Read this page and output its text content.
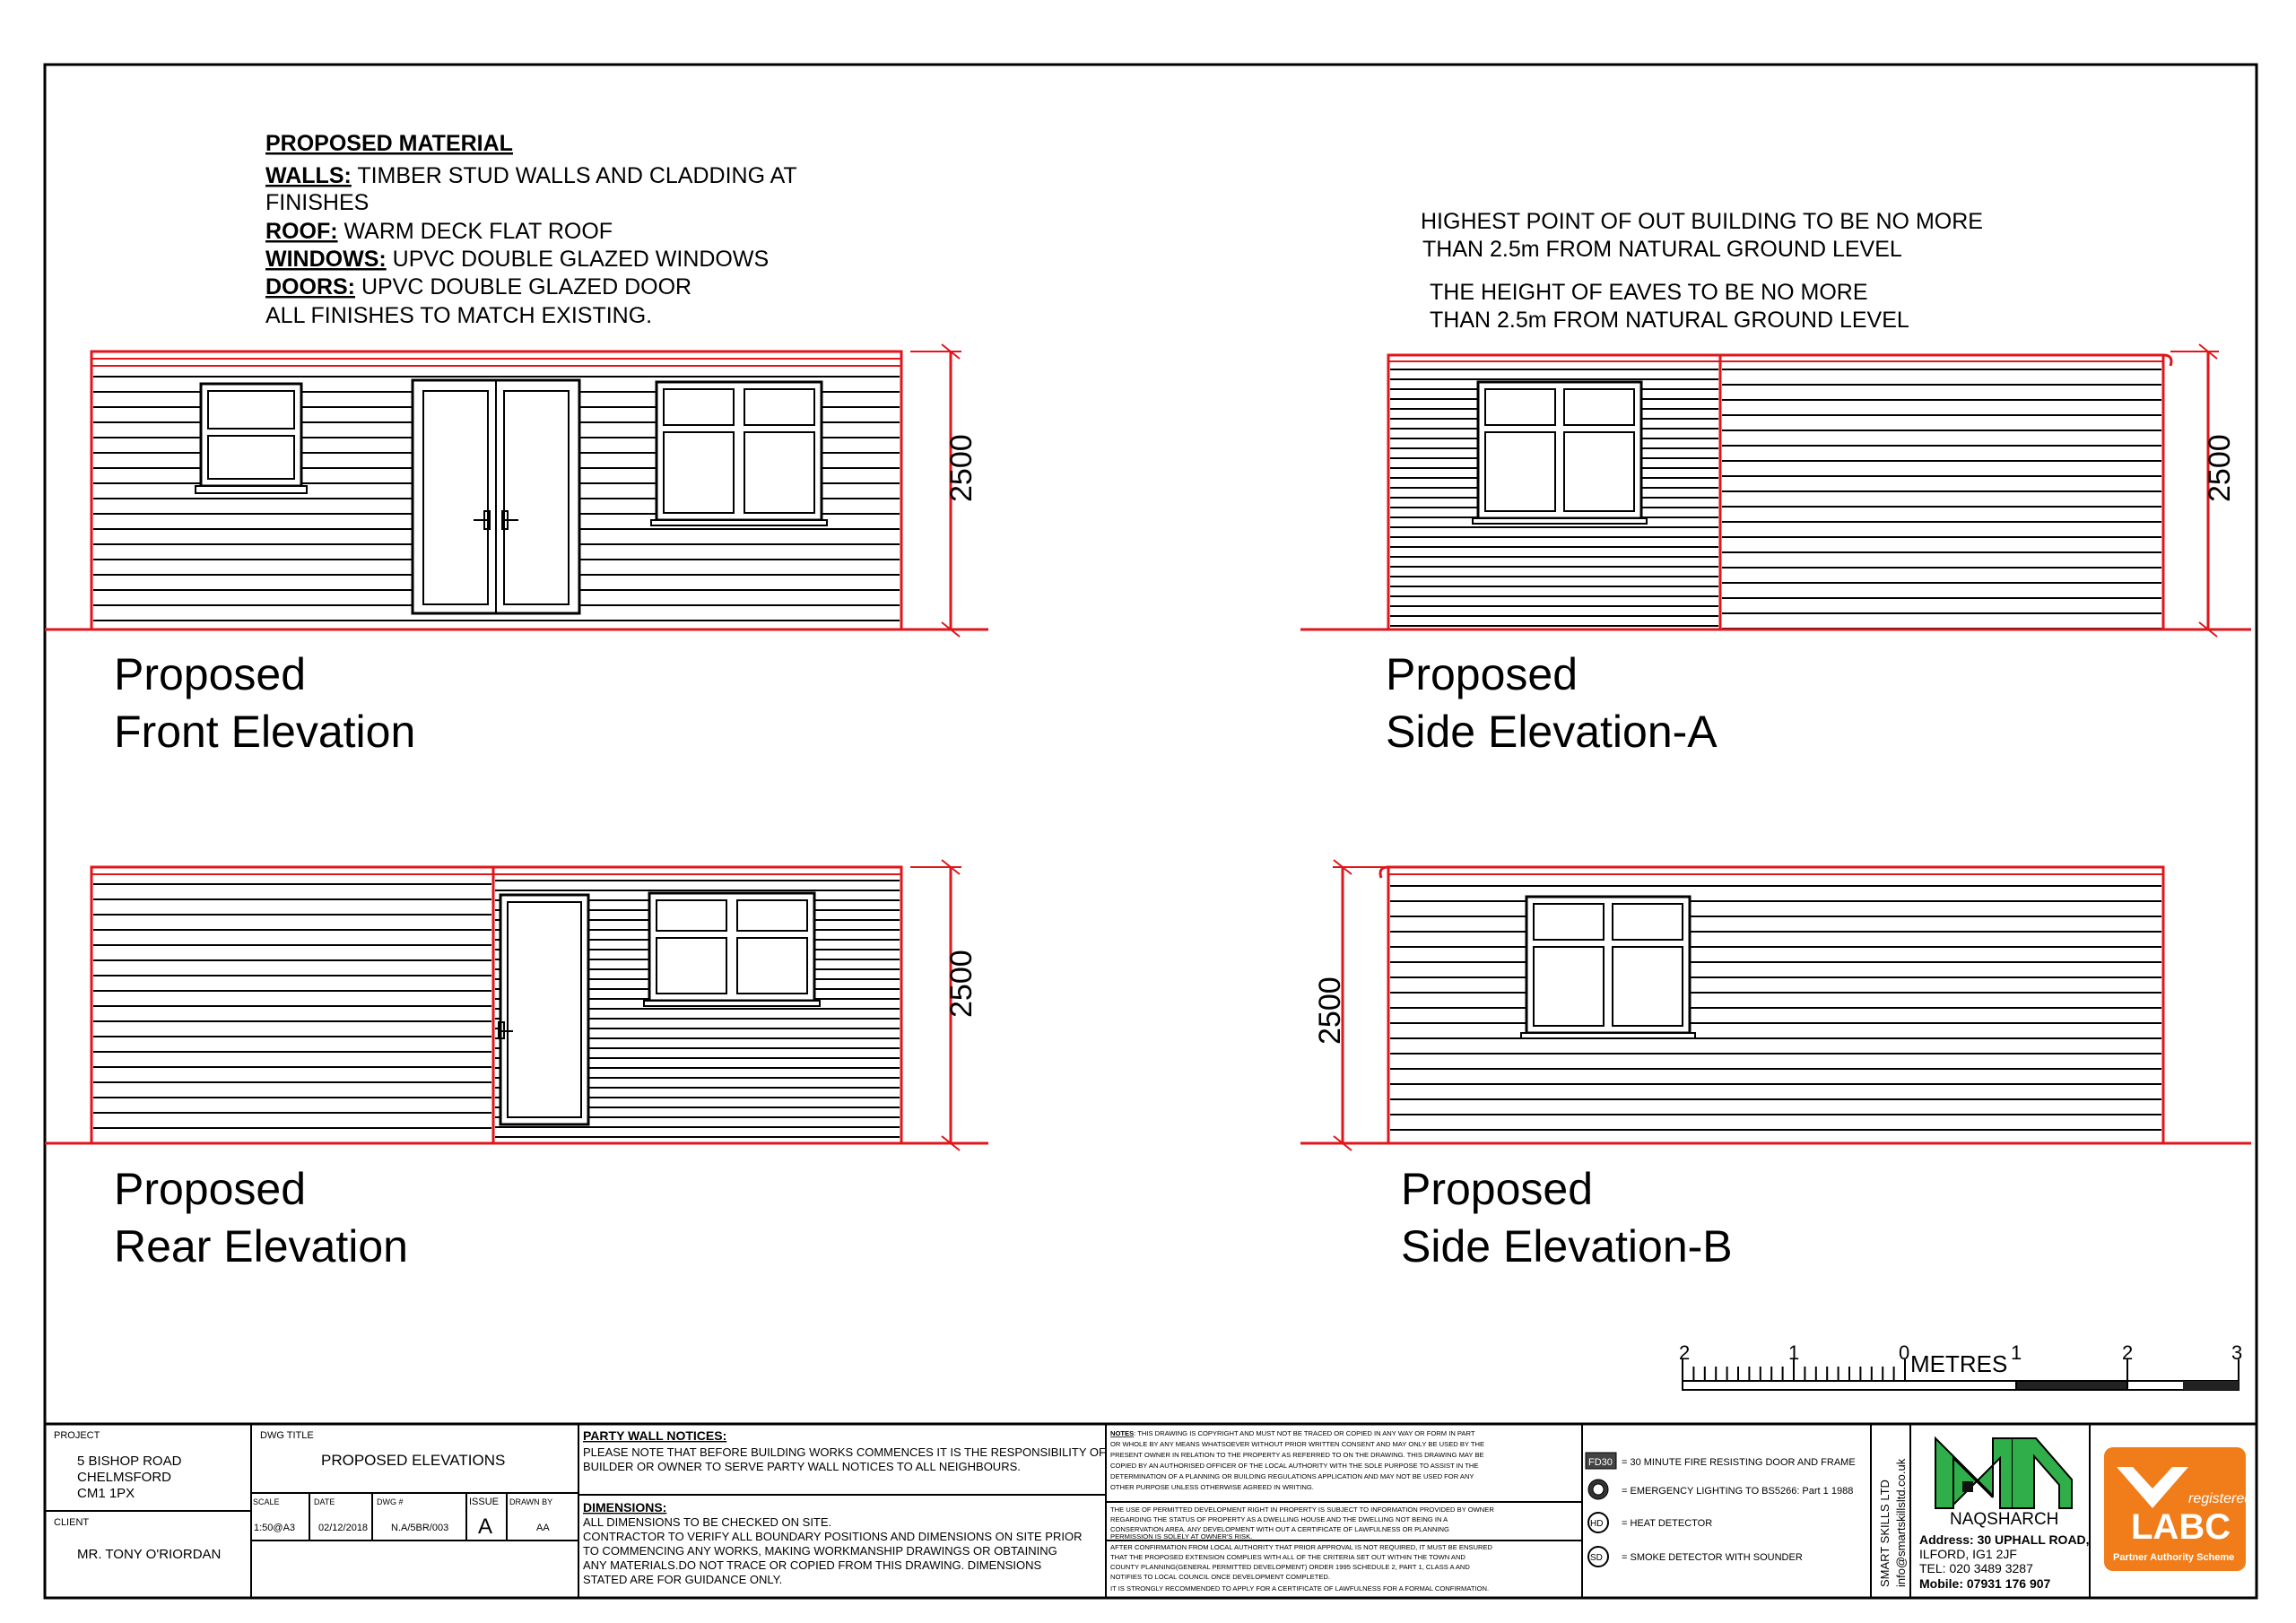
PROPOSED MATERIAL
WALLS: TIMBER STUD WALLS AND CLADDING AT
FINISHES
ROOF: WARM DECK FLAT ROOF
WINDOWS: UPVC DOUBLE GLAZED WINDOWS
DOORS: UPVC DOUBLE GLAZED DOOR
ALL FINISHES TO MATCH EXISTING.
HIGHEST POINT OF OUT BUILDING TO BE NO MORE
THAN 2.5m FROM NATURAL GROUND LEVEL
THE HEIGHT OF EAVES TO BE NO MORE
THAN 2.5m FROM NATURAL GROUND LEVEL
2500
Proposed
Front Elevation
2500
Proposed
Side Elevation-A
2500
Proposed
Rear Elevation
2500
Proposed
Side Elevation-B
2	1	0	1	2	3
METRES
PROJECT
5 BISHOP ROAD
CHELMSFORD
CM1 1PX
CLIENT
MR. TONY O'RIORDAN
DWG TITLE
PROPOSED ELEVATIONS
SCALE
1:50@A3
DATE
02/12/2018
DWG #
N.A/5BR/003
ISSUE
A
DRAWN BY
AA
PARTY WALL NOTICES:
PLEASE NOTE THAT BEFORE BUILDING WORKS COMMENCES IT IS THE RESPONSIBILITY OF
BUILDER OR OWNER TO SERVE PARTY WALL NOTICES TO ALL NEIGHBOURS.
DIMENSIONS:
ALL DIMENSIONS TO BE CHECKED ON SITE.
CONTRACTOR TO VERIFY ALL BOUNDARY POSITIONS AND DIMENSIONS ON SITE PRIOR
TO COMMENCING ANY WORKS, MAKING WORKMANSHIP DRAWINGS OR OBTAINING
ANY MATERIALS.DO NOT TRACE OR COPIED FROM THIS DRAWING. DIMENSIONS
STATED ARE FOR GUIDANCE ONLY.
NOTES: THIS DRAWING IS COPYRIGHT AND MUST NOT BE TRACED OR COPIED IN ANY WAY OR FORM IN PART
OR WHOLE BY ANY MEANS WHATSOEVER WITHOUT PRIOR WRITTEN CONSENT AND MAY ONLY BE USED BY THE
PRESENT OWNER IN RELATION TO THE PROPERTY AS REFERRED TO ON THE DRAWING. THIS DRAWING MAY BE
COPIED BY AN AUTHORISED OFFICER OF THE LOCAL AUTHORITY WITH THE SOLE PURPOSE TO ASSIST IN THE
DETERMINATION OF A PLANNING OR BUILDING REGULATIONS APPLICATION AND MAY NOT BE USED FOR ANY
OTHER PURPOSE UNLESS OTHERWISE AGREED IN WRITING.
THE USE OF PERMITTED DEVELOPMENT RIGHT IN PROPERTY IS SUBJECT TO INFORMATION PROVIDED BY OWNER
REGARDING THE STATUS OF PROPERTY AS A DWELLING HOUSE AND THE DWELLING NOT BEING IN A
CONSERVATION AREA. ANY DEVELOPMENT WITH OUT A CERTIFICATE OF LAWFULNESS OR PLANNING
PERMISSION IS SOLELY AT OWNER'S RISK.
AFTER CONFIRMATION FROM LOCAL AUTHORITY THAT PRIOR APPROVAL IS NOT REQUIRED, IT MUST BE ENSURED
THAT THE PROPOSED EXTENSION COMPLIES WITH ALL OF THE CRITERIA SET OUT WITHIN THE TOWN AND
COUNTY PLANNING(GENERAL PERMITTED DEVELOPMENT) ORDER 1995 SCHEDULE 2, PART 1, CLASS A AND
NOTIFIES TO LOCAL COUNCIL ONCE DEVELOPMENT COMPLETED.
IT IS STRONGLY RECOMMENDED TO APPLY FOR A CERTIFICATE OF LAWFULNESS FOR A FORMAL CONFIRMATION.
FD30 = 30 MINUTE FIRE RESISTING DOOR AND FRAME
= EMERGENCY LIGHTING TO BS5266: Part 1 1988
HD = HEAT DETECTOR
SD = SMOKE DETECTOR WITH SOUNDER	SMART SKILLS LTD info@smartskillsltd.co.uk NAQSHARCH
Address: 30 UPHALL ROAD,
ILFORD, IG1 2JF
TEL: 020 3489 3287
Mobile: 07931 176 907
registered
LABC
Partner Authority Scheme
